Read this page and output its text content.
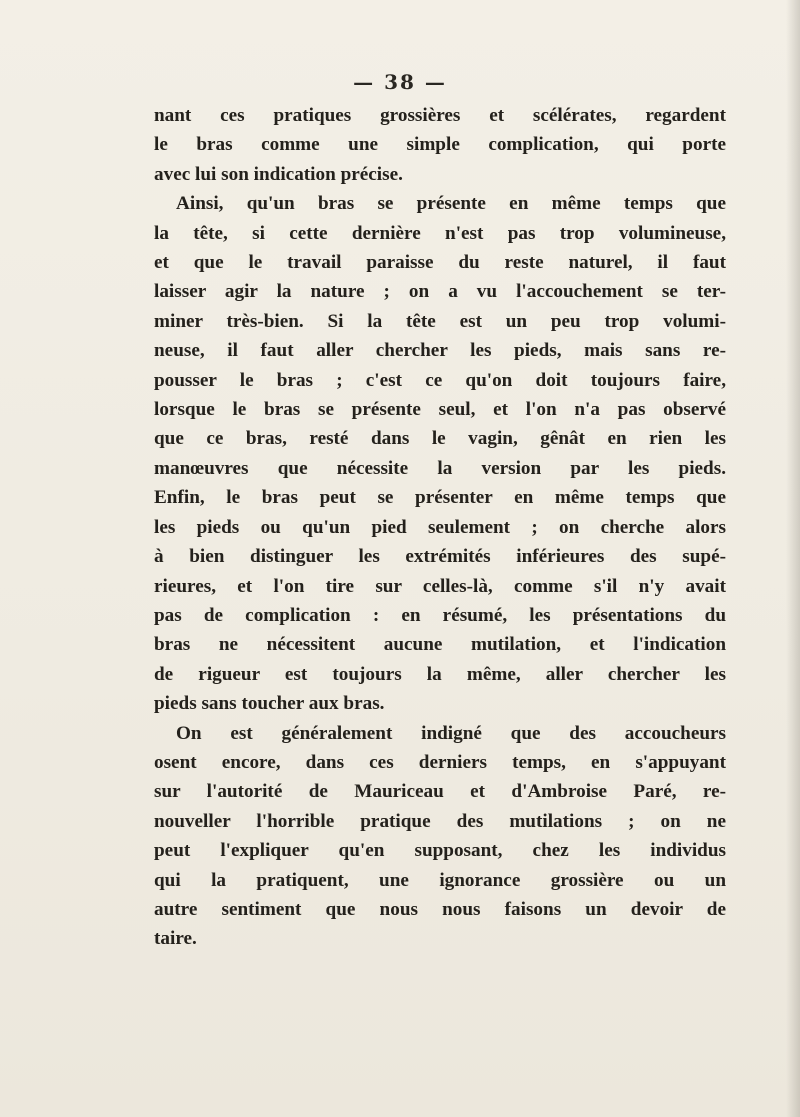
— 38 —

nant ces pratiques grossières et scélérates, regardent
le bras comme une simple complication, qui porte
avec lui son indication précise.

Ainsi, qu'un bras se présente en même temps que
la tête, si cette dernière n'est pas trop volumineuse,
et que le travail paraisse du reste naturel, il faut
laisser agir la nature ; on a vu l'accouchement se ter-
miner très-bien. Si la tête est un peu trop volumi-
neuse, il faut aller chercher les pieds, mais sans re-
pousser le bras ; c'est ce qu'on doit toujours faire,
lorsque le bras se présente seul, et l'on n'a pas observé
que ce bras, resté dans le vagin, gênât en rien les
manœuvres que nécessite la version par les pieds.
Enfin, le bras peut se présenter en même temps que
les pieds ou qu'un pied seulement ; on cherche alors
à bien distinguer les extrémités inférieures des supé-
rieures, et l'on tire sur celles-là, comme s'il n'y avait
pas de complication : en résumé, les présentations du
bras ne nécessitent aucune mutilation, et l'indication
de rigueur est toujours la même, aller chercher les
pieds sans toucher aux bras.

On est généralement indigné que des accoucheurs
osent encore, dans ces derniers temps, en s'appuyant
sur l'autorité de Mauriceau et d'Ambroise Paré, re-
nouveller l'horrible pratique des mutilations ; on ne
peut l'expliquer qu'en supposant, chez les individus
qui la pratiquent, une ignorance grossière ou un
autre sentiment que nous nous faisons un devoir de
taire.
